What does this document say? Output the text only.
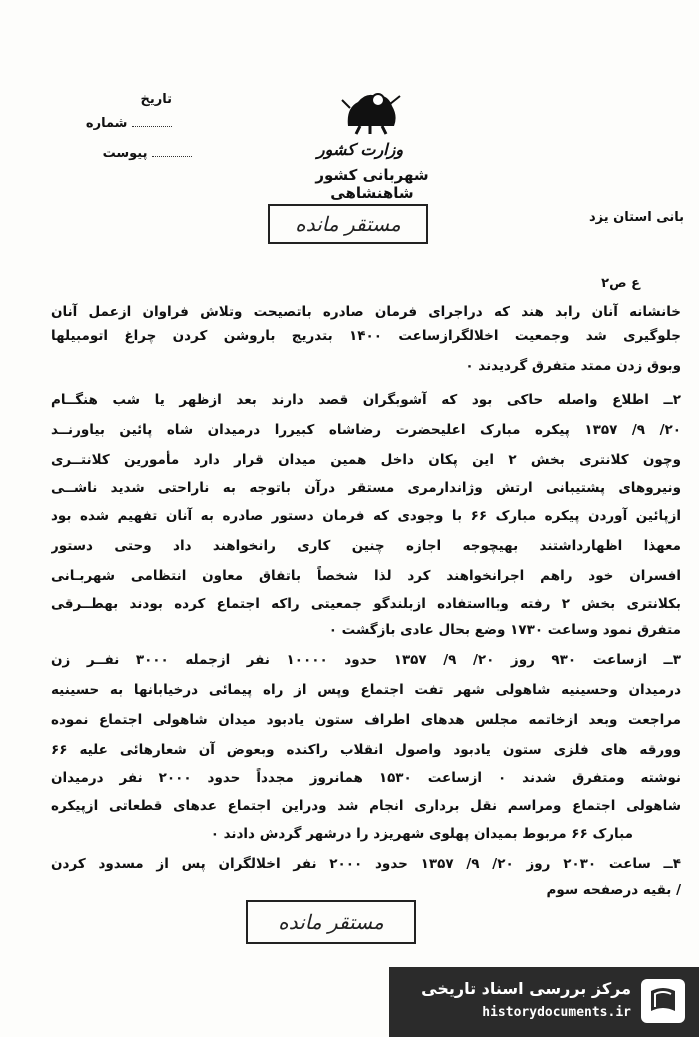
تاریخ
شماره
پیوست	وزارت کشور
شهربانی کشور شاهنشاهی
مستقر مانده	بانی استان یزد
ع ص۲
خانشانه آنان رابد هند که دراجرای فرمان صادره باتصیحت وتلاش فراوان ازعمل آنان
جلوگیری شد وجمعیت اخلالگرازساعت ۱۴۰۰ بتدریج باروشن کردن چراغ اتومبیلها
وبوق زدن ممتد متفرق گردیدند ۰
۲ــ اطلاع واصله حاکی بود که آشوبگران قصد دارند بعد ازظهر یا شب هنگــام
۲۰/ ۹/ ۱۳۵۷ پیکره مبارک اعلیحضرت رضاشاه کبیررا درمیدان شاه پائین بیاورنــد
وچون کلانتری بخش ۲ این پکان داخل همین میدان قرار دارد مأمورین کلانتــری
ونیروهای پشتیبانی ارتش وژاندارمری مستقر درآن باتوجه به ناراحتی شدید ناشــی
ازپائین آوردن پیکره مبارک ۶۶ با وجودی که فرمان دستور صادره به آنان تفهیم شده بود
معهذا اظهارداشتند بهیچوجه اجازه چنین کاری رانخواهند داد وحتی دستور
افسران خود راهم اجرانخواهند کرد لذا شخصاً باتفاق معاون انتظامی شهربـانی
بکلانتری بخش ۲ رفته وبااستفاده ازبلندگو جمعیتی راکه اجتماع کرده بودند بهطــرقی
متفرق نمود وساعت ۱۷۳۰ وضع بحال عادی بازگشت ۰
۳ــ ازساعت ۹۳۰ روز ۲۰/ ۹/ ۱۳۵۷ حدود ۱۰۰۰۰ نفر ازجمله ۳۰۰۰ نفــر زن
درمیدان وحسینیه شاهولی شهر تفت اجتماع وپس از راه پیمائی درخیابانها به حسینیه
مراجعت وبعد ازخاتمه مجلس هدهای اطراف ستون یادبود میدان شاهولی اجتماع نموده
وورقه های فلزی ستون یادبود واصول انقلاب راکنده وبعوض آن شعارهائی علیه ۶۶
نوشته ومتفرق شدند ۰ ازساعت ۱۵۳۰ همانروز مجدداً حدود ۲۰۰۰ نفر درمیدان
شاهولی اجتماع ومراسم نقل برداری انجام شد ودراین اجتماع عدهای قطعاتی ازپیکره
مبارک ۶۶ مربوط بمیدان پهلوی شهریزد را درشهر گردش دادند ۰
۴ــ ساعت ۲۰۳۰ روز ۲۰/ ۹/ ۱۳۵۷ حدود ۲۰۰۰ نفر اخلالگران پس از مسدود کردن
/ بقیه درصفحه سوم
مستقر مانده
مرکز بررسی اسناد تاریخی
historydocuments.ir
